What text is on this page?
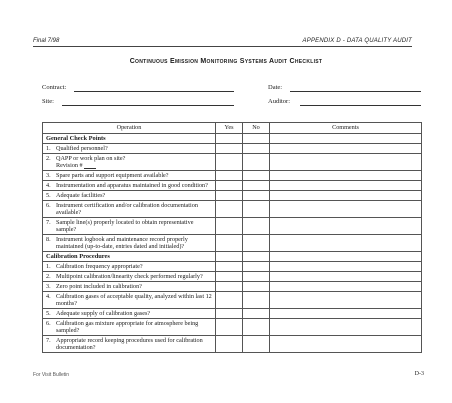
Final 7/98	APPENDIX D - DATA QUALITY AUDIT
Continuous Emission Monitoring Systems Audit Checklist
Contract:	Date:
Site:	Auditor:
Operation	Yes	No	Comments
General Check Points			

1. Qualified personnel?			

2. QAPP or work plan on site?
Revision #			

3. Spare parts and support equipment available?			

4. Instrumentation and apparatus maintained in good condition?			

5. Adequate facilities?			

6. Instrument certification and/or calibration documentation available?			

7. Sample line(s) properly located to obtain representative sample?			

8. Instrument logbook and maintenance record properly maintained (up-to-date, entries dated and initialed)?			

Calibration Procedures			

1. Calibration frequency appropriate?			

2. Multipoint calibration/linearity check performed regularly?			

3. Zero point included in calibration?			

4. Calibration gases of acceptable quality, analyzed within last 12 months?			

5. Adequate supply of calibration gases?			

6. Calibration gas mixture appropriate for atmosphere being sampled?			

7. Appropriate record keeping procedures used for calibration documentation?			

For Visit Bulletin	D-3
